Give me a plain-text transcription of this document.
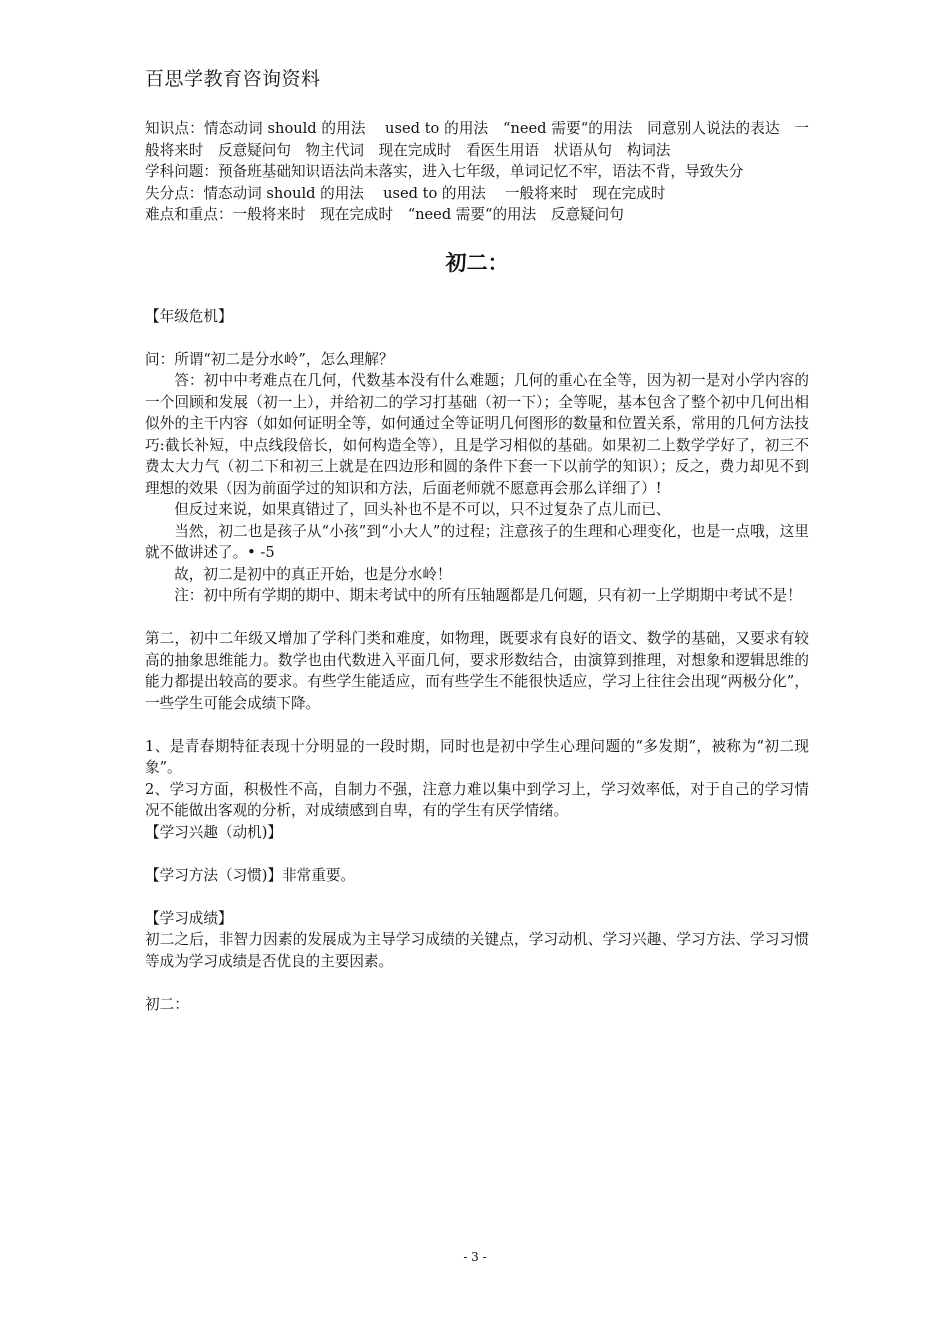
百思学教育咨询资料

知识点：情态动词 should 的用法　 used to 的用法　“need 需要“的用法　同意别人说法的表达　一般将来时　反意疑问句　物主代词　现在完成时　看医生用语　状语从句　构词法

学科问题：预备班基础知识语法尚未落实，进入七年级，单词记忆不牢，语法不背，导致失分

失分点：情态动词 should 的用法　 used to 的用法　 一般将来时　现在完成时

难点和重点：一般将来时　现在完成时　“need 需要“的用法　反意疑问句

初二：

【年级危机】

问：所谓“初二是分水岭”，怎么理解？

答：初中中考难点在几何，代数基本没有什么难题；几何的重心在全等，因为初一是对小学内容的一个回顾和发展（初一上），并给初二的学习打基础（初一下）；全等呢，基本包含了整个初中几何出相似外的主干内容（如如何证明全等，如何通过全等证明几何图形的数量和位置关系，常用的几何方法技巧:截长补短，中点线段倍长，如何构造全等），且是学习相似的基础。如果初二上数学学好了，初三不费太大力气（初二下和初三上就是在四边形和圆的条件下套一下以前学的知识）；反之，费力却见不到理想的效果（因为前面学过的知识和方法，后面老师就不愿意再会那么详细了）!

但反过来说，如果真错过了，回头补也不是不可以，只不过复杂了点儿而已、

当然，初二也是孩子从“小孩”到“小大人”的过程；注意孩子的生理和心理变化，也是一点哦，这里就不做讲述了。• -5

故，初二是初中的真正开始，也是分水岭！

注：初中所有学期的期中、期末考试中的所有压轴题都是几何题，只有初一上学期期中考试不是！

第二，初中二年级又增加了学科门类和难度，如物理，既要求有良好的语文、数学的基础，又要求有较高的抽象思维能力。数学也由代数进入平面几何，要求形数结合，由演算到推理，对想象和逻辑思维的能力都提出较高的要求。有些学生能适应，而有些学生不能很快适应，学习上往往会出现“两极分化”，一些学生可能会成绩下降。

1、是青春期特征表现十分明显的一段时期，同时也是初中学生心理问题的“多发期”，被称为“初二现象”。

2、学习方面，积极性不高，自制力不强，注意力难以集中到学习上，学习效率低，对于自己的学习情况不能做出客观的分析，对成绩感到自卑，有的学生有厌学情绪。

【学习兴趣（动机)】

【学习方法（习惯)】非常重要。

【学习成绩】

初二之后，非智力因素的发展成为主导学习成绩的关键点，学习动机、学习兴趣、学习方法、学习习惯等成为学习成绩是否优良的主要因素。

初二：

- 3 -
